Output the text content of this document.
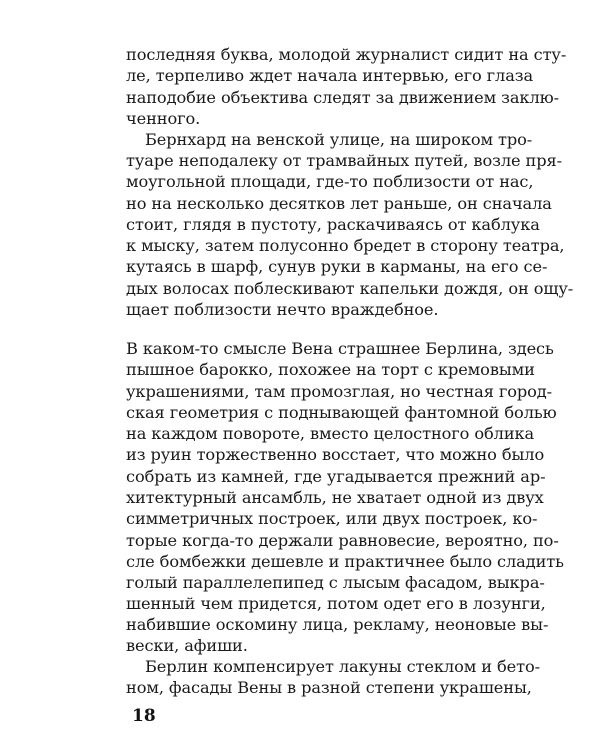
последняя буква, молодой журналист сидит на сту-
ле, терпеливо ждет начала интервью, его глаза
наподобие объектива следят за движением заклю-
ченного.
Бернхард на венской улице, на широком тро-
туаре неподалеку от трамвайных путей, возле пря-
моугольной площади, где-то поблизости от нас,
но на несколько десятков лет раньше, он сначала
стоит, глядя в пустоту, раскачиваясь от каблука
к мыску, затем полусонно бредет в сторону театра,
кутаясь в шарф, сунув руки в карманы, на его се-
дых волосах поблескивают капельки дождя, он ощу-
щает поблизости нечто враждебное.
В каком-то смысле Вена страшнее Берлина, здесь
пышное барокко, похожее на торт с кремовыми
украшениями, там промозглая, но честная город-
ская геометрия с поднывающей фантомной болью
на каждом повороте, вместо целостного облика
из руин торжественно восстает, что можно было
собрать из камней, где угадывается прежний ар-
хитектурный ансамбль, не хватает одной из двух
симметричных построек, или двух построек, ко-
торые когда-то держали равновесие, вероятно, по-
сле бомбежки дешевле и практичнее было сладить
голый параллелепипед с лысым фасадом, выкра-
шенный чем придется, потом одет его в лозунги,
набившие оскомину лица, рекламу, неоновые вы-
вески, афиши.
Берлин компенсирует лакуны стеклом и бето-
ном, фасады Вены в разной степени украшены,
18
